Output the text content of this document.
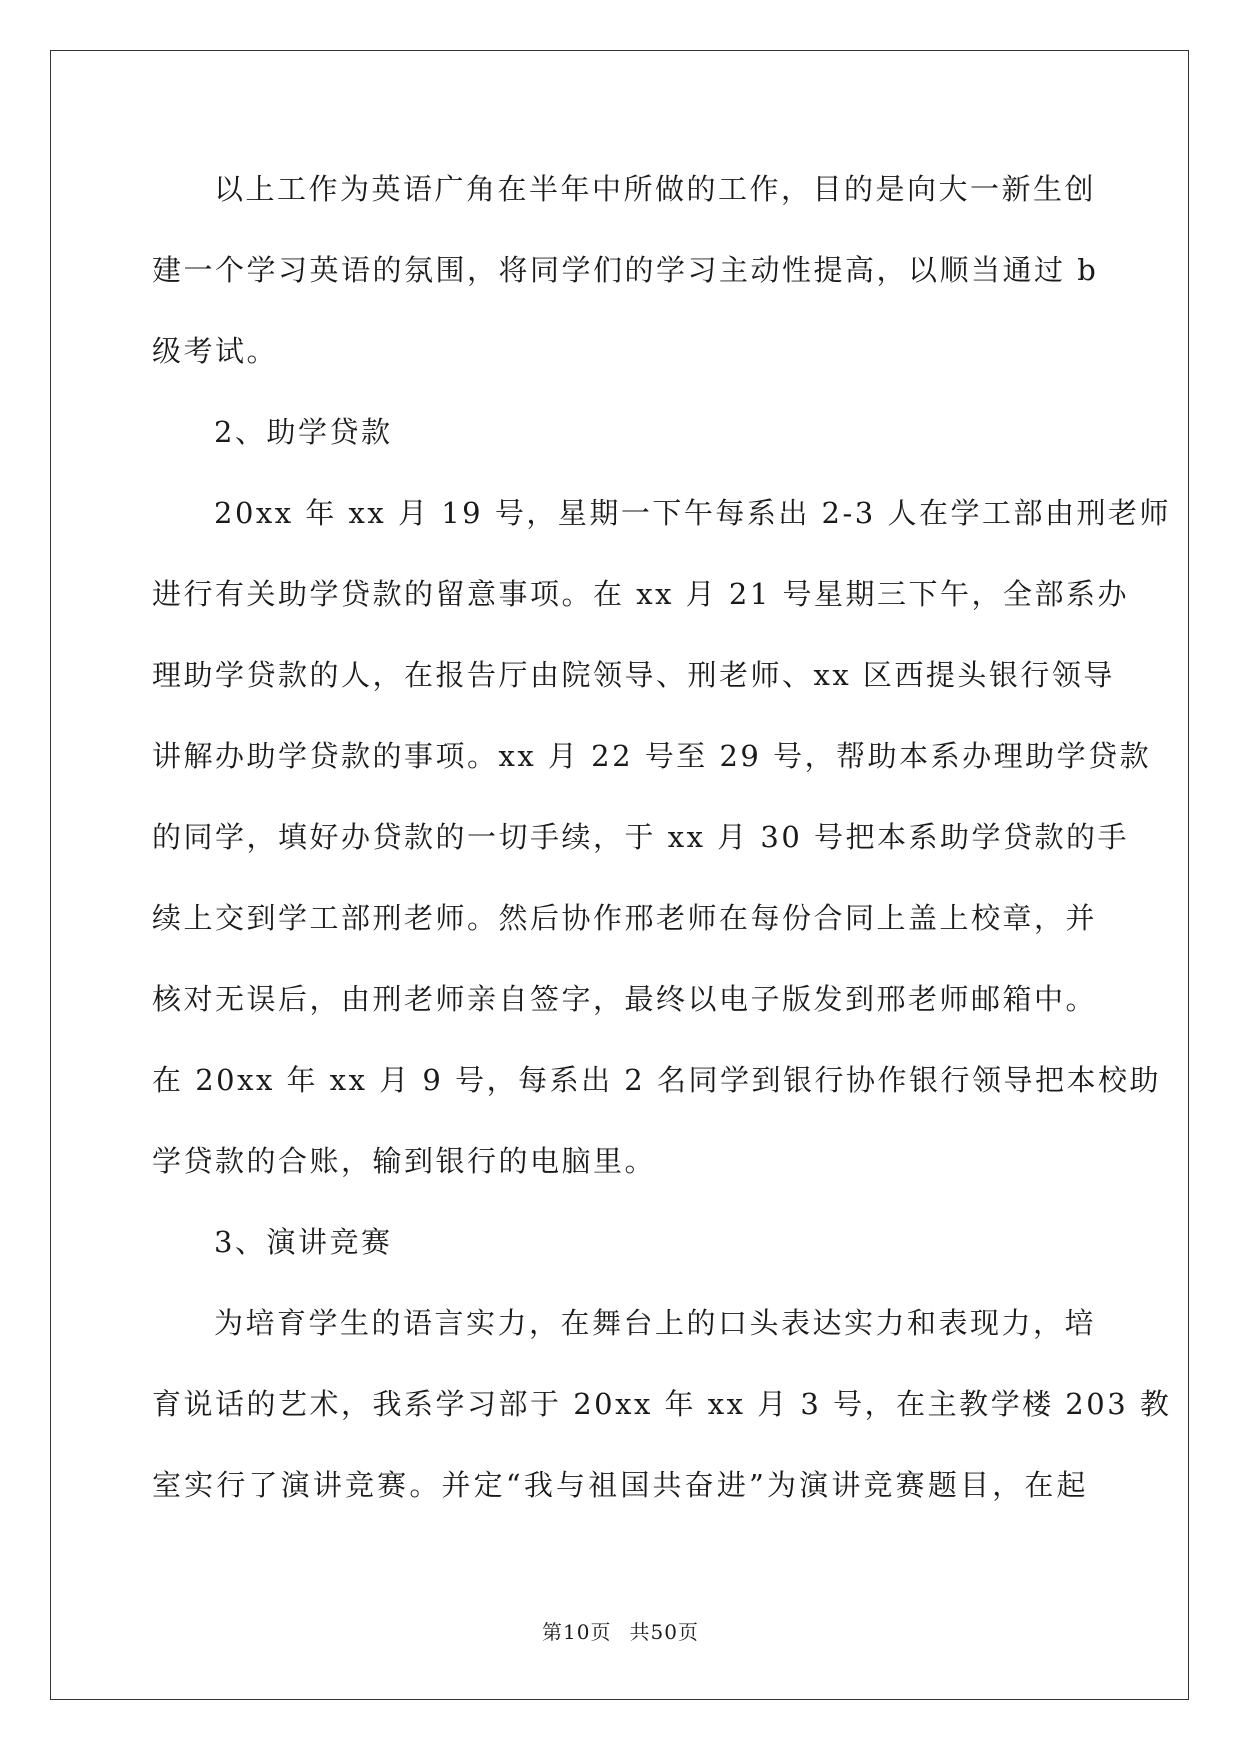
以上工作为英语广角在半年中所做的工作，目的是向大一新生创
建一个学习英语的氛围，将同学们的学习主动性提高，以顺当通过 b
级考试。
2、助学贷款
20xx 年 xx 月 19 号，星期一下午每系出 2-3 人在学工部由刑老师
进行有关助学贷款的留意事项。在 xx 月 21 号星期三下午，全部系办
理助学贷款的人，在报告厅由院领导、刑老师、xx 区西提头银行领导
讲解办助学贷款的事项。xx 月 22 号至 29 号，帮助本系办理助学贷款
的同学，填好办贷款的一切手续，于 xx 月 30 号把本系助学贷款的手
续上交到学工部刑老师。然后协作邢老师在每份合同上盖上校章，并
核对无误后，由刑老师亲自签字，最终以电子版发到邢老师邮箱中。
在 20xx 年 xx 月 9 号，每系出 2 名同学到银行协作银行领导把本校助
学贷款的合账，输到银行的电脑里。
3、演讲竞赛
为培育学生的语言实力，在舞台上的口头表达实力和表现力，培
育说话的艺术，我系学习部于 20xx 年 xx 月 3 号，在主教学楼 203 教
室实行了演讲竞赛。并定“我与祖国共奋进”为演讲竞赛题目，在起
第10页 共50页
